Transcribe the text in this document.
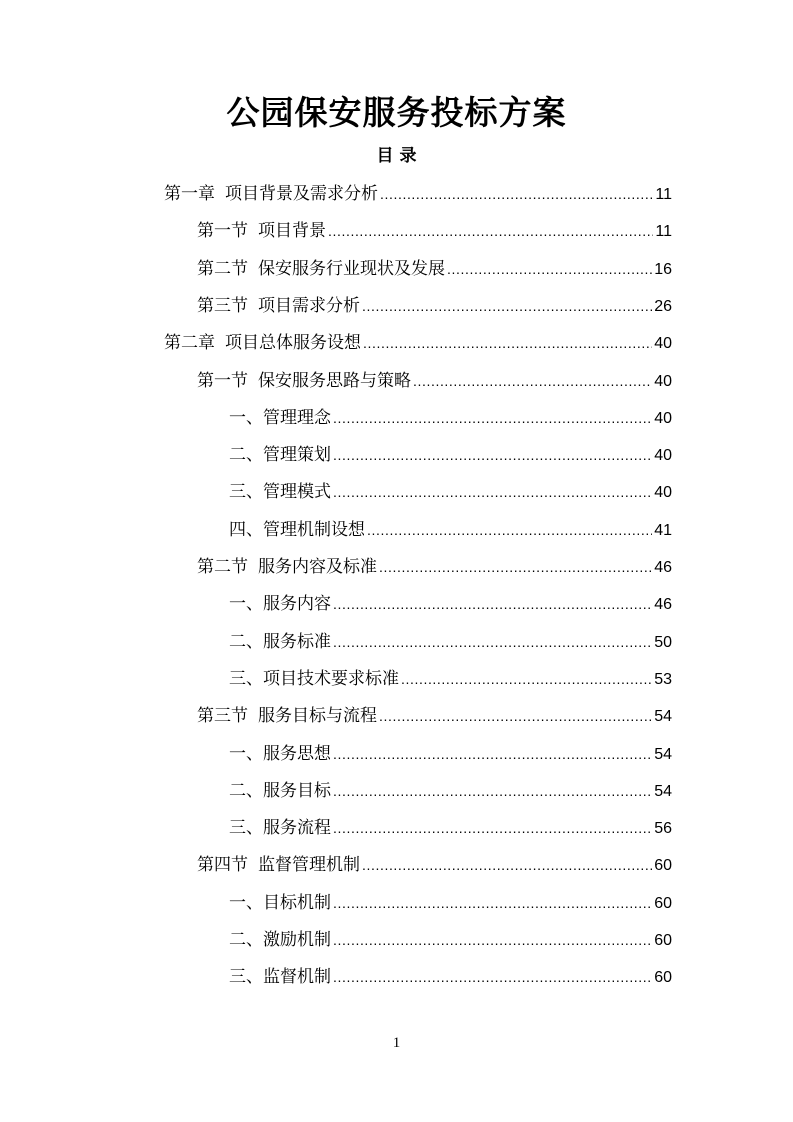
公园保安服务投标方案
目 录
第一章 项目背景及需求分析 .....	11
第一节 项目背景 .....	11
第二节 保安服务行业现状及发展 .....	16
第三节 项目需求分析 .....	26
第二章 项目总体服务设想 .....	40
第一节 保安服务思路与策略 .....	40
一、管理理念 .....	40
二、管理策划 .....	40
三、管理模式 .....	40
四、管理机制设想 .....	41
第二节 服务内容及标准 .....	46
一、服务内容 .....	46
二、服务标准 .....	50
三、项目技术要求标准 .....	53
第三节 服务目标与流程 .....	54
一、服务思想 .....	54
二、服务目标 .....	54
三、服务流程 .....	56
第四节 监督管理机制 .....	60
一、目标机制 .....	60
二、激励机制 .....	60
三、监督机制 .....	60
1
